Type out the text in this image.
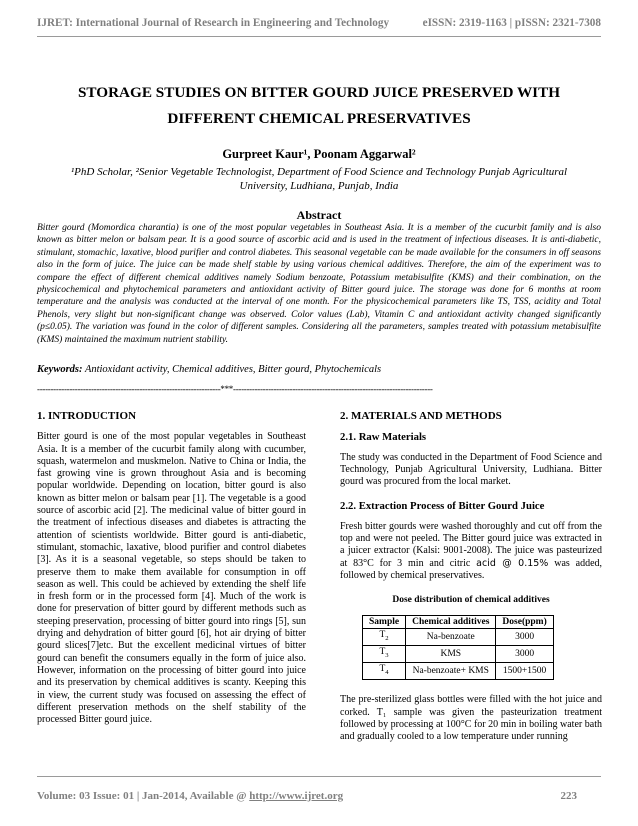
IJRET: International Journal of Research in Engineering and Technology	eISSN: 2319-1163 | pISSN: 2321-7308
STORAGE STUDIES ON BITTER GOURD JUICE PRESERVED WITH
DIFFERENT CHEMICAL PRESERVATIVES
Gurpreet Kaur¹, Poonam Aggarwal²
¹PhD Scholar, ²Senior Vegetable Technologist, Department of Food Science and Technology Punjab Agricultural University, Ludhiana, Punjab, India
Abstract
Bitter gourd (Momordica charantia) is one of the most popular vegetables in Southeast Asia. It is a member of the cucurbit family and is also known as bitter melon or balsam pear. It is a good source of ascorbic acid and is used in the treatment of infectious diseases. It is anti-diabetic, stimulant, stomachic, laxative, blood purifier and control diabetes. This seasonal vegetable can be made available for the consumers in off seasons also in the form of juice. The juice can be made shelf stable by using various chemical additives. Therefore, the aim of the experiment was to compare the effect of different chemical additives namely Sodium benzoate, Potassium metabisulfite (KMS) and their combination, on the physicochemical and phytochemical parameters and antioxidant activity of Bitter gourd juice. The storage was done for 6 months at room temperature and the analysis was conducted at the interval of one month. For the physicochemical parameters like TS, TSS, acidity and Total Phenols, very slight but non-significant change was observed. Color values (Lab), Vitamin C and antioxidant activity changed significantly (p≤0.05). The variation was found in the color of different samples. Considering all the parameters, samples treated with potassium metabisulfite (KMS) maintained the maximum nutrient stability.
Keywords: Antioxidant activity, Chemical additives, Bitter gourd, Phytochemicals
--------------------------------------------------------------------***--------------------------------------------------------------------------
1. INTRODUCTION

Bitter gourd is one of the most popular vegetables in Southeast Asia. It is a member of the cucurbit family along with cucumber, squash, watermelon and muskmelon. Native to China or India, the fast growing vine is grown throughout Asia and is becoming popular worldwide. Depending on location, bitter gourd is also known as bitter melon or balsam pear [1]. The vegetable is a good source of ascorbic acid [2]. The medicinal value of bitter gourd in the treatment of infectious diseases and diabetes is attracting the attention of scientists worldwide. Bitter gourd is anti-diabetic, stimulant, stomachic, laxative, blood purifier and control diabetes [3]. As it is a seasonal vegetable, so steps should be taken to preserve them to make them available for consumption in off season as well. This could be achieved by extending the shelf life in fresh form or in the processed form [4]. Much of the work is done for preservation of bitter gourd by different methods such as steeping preservation, processing of bitter gourd into rings [5], sun drying and dehydration of bitter gourd [6], hot air drying of bitter gourd slices[7]etc. But the excellent medicinal virtues of bitter gourd can benefit the consumers equally in the form of juice also. However, information on the processing of bitter gourd into juice and its preservation by chemical additives is scanty. Keeping this in view, the current study was focused on assessing the effect of different preservation methods on the shelf stability of the processed Bitter gourd juice.

2. MATERIALS AND METHODS
2.1. Raw Materials

The study was conducted in the Department of Food Science and Technology, Punjab Agricultural University, Ludhiana. Bitter gourd was procured from the local market.

2.2. Extraction Process of Bitter Gourd Juice

Fresh bitter gourds were washed thoroughly and cut off from the top and were not peeled. The Bitter gourd juice was extracted in a juicer extractor (Kalsi: 9001-2008). The juice was pasteurized at 83°C for 3 min and citric acid @ 0.15% was added, followed by chemical preservatives.

Dose distribution of chemical additives
Sample	Chemical additives	Dose(ppm)
$T_2$	Na-benzoate	3000
$T_3$	KMS	3000
$T_4$	Na-benzoate+ KMS	1500+1500

The pre-sterilized glass bottles were filled with the hot juice and corked. T₁ sample was given the pasteurization treatment followed by processing at 100°C for 20 min in boiling water bath and gradually cooled to a low temperature under running

Volume: 03 Issue: 01 | Jan-2014, Available @ http://www.ijret.org	223
